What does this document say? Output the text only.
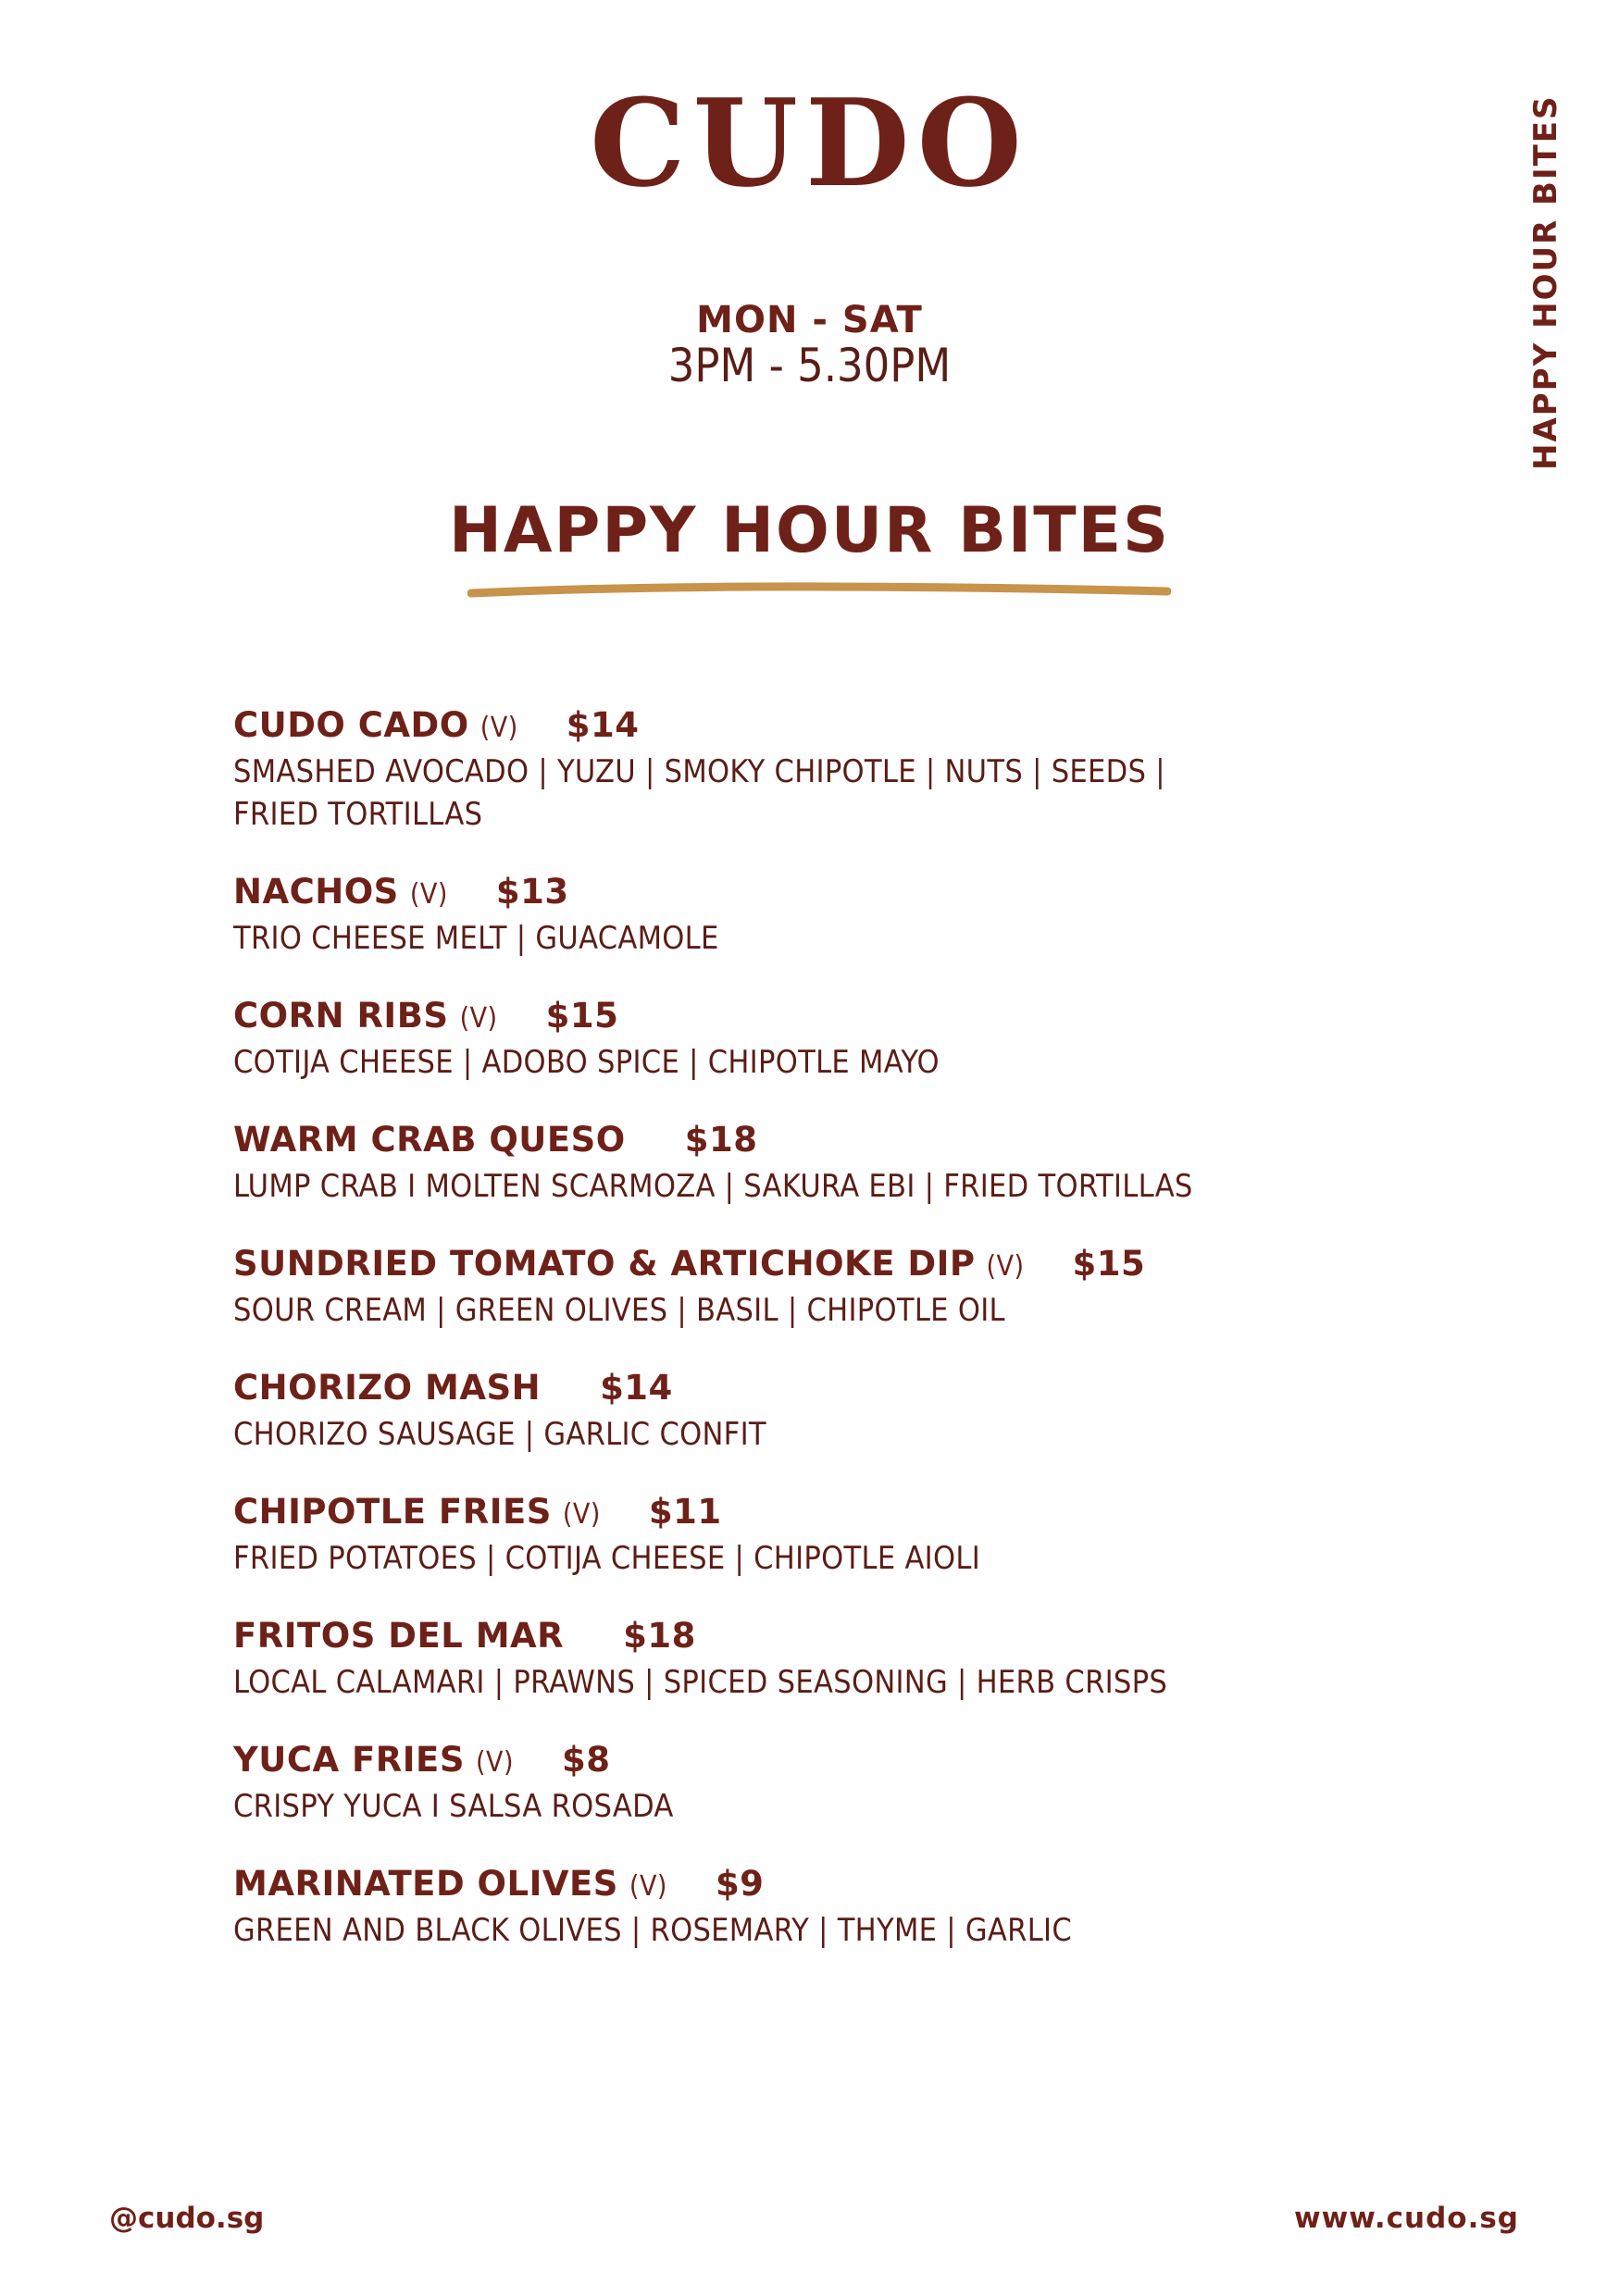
CUDO
MON - SAT
3PM - 5.30PM
HAPPY HOUR BITES
HAPPY HOUR BITES
CUDO CADO (V) $14
SMASHED AVOCADO | YUZU | SMOKY CHIPOTLE | NUTS | SEEDS |
FRIED TORTILLAS
NACHOS (V) $13
TRIO CHEESE MELT | GUACAMOLE
CORN RIBS (V) $15
COTIJA CHEESE | ADOBO SPICE | CHIPOTLE MAYO
WARM CRAB QUESO $18
LUMP CRAB I MOLTEN SCARMOZA | SAKURA EBI | FRIED TORTILLAS
SUNDRIED TOMATO & ARTICHOKE DIP (V) $15
SOUR CREAM | GREEN OLIVES | BASIL | CHIPOTLE OIL
CHORIZO MASH $14
CHORIZO SAUSAGE | GARLIC CONFIT
CHIPOTLE FRIES (V) $11
FRIED POTATOES | COTIJA CHEESE | CHIPOTLE AIOLI
FRITOS DEL MAR $18
LOCAL CALAMARI | PRAWNS | SPICED SEASONING | HERB CRISPS
YUCA FRIES (V) $8
CRISPY YUCA I SALSA ROSADA
MARINATED OLIVES (V) $9
GREEN AND BLACK OLIVES | ROSEMARY | THYME | GARLIC
@cudo.sg	www.cudo.sg
